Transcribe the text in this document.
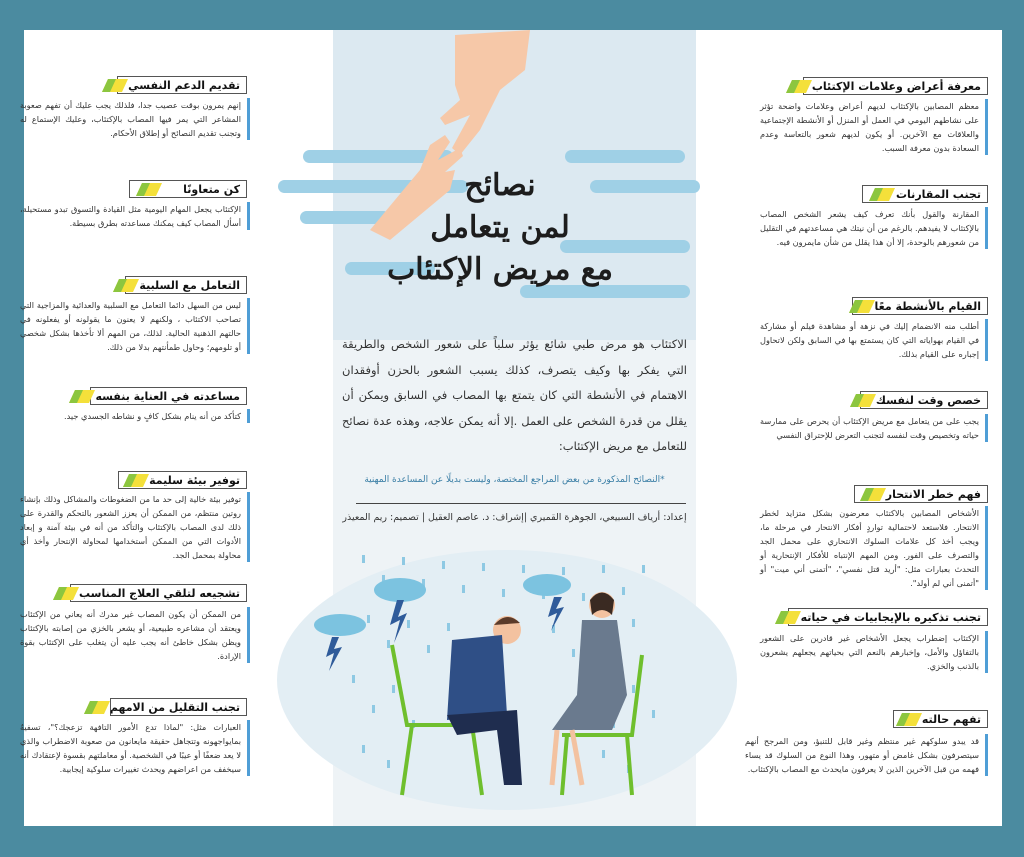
نصائح
لمن يتعامل
مع مريض الإكتئاب
الاكتئاب هو مرض طبي شائع يؤثر سلباً على شعور الشخص والطريقة التي يفكر بها وكيف يتصرف، كذلك يسبب الشعور بالحزن أوفقدان الاهتمام في الأنشطة التي كان يتمتع بها المصاب في السابق ويمكن أن يقلل من قدرة الشخص على العمل .إلا أنه يمكن علاجه، وهذه عدة نصائح للتعامل مع مريض الإكتئاب:
*النصائح المذكورة من بعض المراجع المختصة، وليست بديلًا عن المساعدة المهنية
إعداد: أرياف السبيعي، الجوهرة القميري |إشراف: د. عاصم العقيل | تصميم: ريم المعيذر
معرفة أعراض وعلامات الإكتئاب
معظم المصابين بالإكتئاب لديهم أعراض وعلامات واضحة تؤثر على نشاطهم اليومي في العمل أو المنزل أو الأنشطة الإجتماعية والعلاقات مع الآخرين. أو يكون لديهم شعور بالتعاسة وعدم السعادة بدون معرفة السبب.
تجنب المقارنات
المقارنة والقول بأنك تعرف كيف يشعر الشخص المصاب بالإكتئاب لا يفيدهم. بالرغم من أن نيتك هي مساعدتهم في التقليل من شعورهم بالوحدة، إلا أن هذا يقلل من شأن مايمرون فيه.
القيام بالأنشطة معًا
أطلب منه الانضمام إليك في نزهة أو مشاهدة فيلم أو مشاركة في القيام بهواياته التي كان يستمتع بها في السابق ولكن لاتحاول إجباره على القيام بذلك.
خصص وقت لنفسك
يجب على من يتعامل مع مريض الإكتئاب أن يحرص على ممارسة حياته وتخصيص وقت لنفسه لتجنب التعرض للإحتراق النفسي
فهم خطر الانتحار
الأشخاص المصابين بالاكتئاب معرضون بشكل متزايد لخطر الانتحار. فلاستعد لاحتمالية تواردٍ أفكار الانتحار في مرحلة ما، ويجب أخذ كل علامات السلوك الانتحاري على محمل الجد والتصرف على الفور. ومن المهم الإنتباه للأفكار الإنتحارية أو التحدث بعبارات مثل: "أريد قتل نفسي"، "أتمنى أني ميت" أو "أتمنى أني لم أولد".
تجنب تذكيره بالإيجابيات في حياته
الإكتئاب إضطراب يجعل الأشخاص غير قادرين على الشعور بالتفاؤل والأمل، وإخبارهم بالنعم التي بحياتهم يجعلهم يشعرون بالذنب والخزي.
تفهم حالته
قد يبدو سلوكهم غير منتظم وغير قابل للتنبؤ، ومن المرجح أنهم سيتصرفون بشكل غامض أو متهور، وهذا النوع من السلوك قد يساء فهمه من قبل الآخرين الذين لا يعرفون مايحدث مع المصاب بالإكتئاب.
تقديم الدعم النفسي
إنهم يمرون بوقت عصيب جدا، فلذلك يجب عليك أن تفهم صعوبة المشاعر التي يمر فيها المصاب بالإكتئاب، وعليك الإستماع له وتجنب تقديم النصائح أو إطلاق الأحكام.
كن متعاونًا
الإكتئاب يجعل المهام اليومية مثل القيادة والتسوق تبدو مستحيلة، أسأل المصاب كيف يمكنك مساعدته بطرق بسيطة.
التعامل مع السلبية
ليس من السهل دائما التعامل مع السلبية والعدائية والمزاجية التي تصاحب الاكتئاب ، ولكنهم لا يعنون ما يقولونه أو يفعلونه في حالتهم الذهنية الحالية. لذلك، من المهم ألا تأخذها بشكل شخصي أو تلومهم؛ وحاول طمأنتهم بدلا من ذلك.
مساعدته في العناية بنفسه
كتأكد من أنه ينام بشكل كافٍ و نشاطه الجسدي جيد.
توفير بيئة سليمة
توفير بيئة خالية إلى حد ما من الضغوطات والمشاكل وذلك بإنشاء روتين منتظم، من الممكن أن يعزز الشعور بالتحكم والقدرة على ذلك لدى المصاب بالإكتئاب والتأكد من أنه في بيئة آمنة و إبعاد الأدوات التي من الممكن أستخدامها لمحاولة الإنتحار وأخذ أي محاولة بمحمل الجد.
تشجيعه لتلقي العلاج المناسب
من الممكن أن يكون المصاب غير مدرك أنه يعاني من الإكتئاب ويعتقد أن مشاعره طبيعية، أو يشعر بالخزي من إصابته بالإكتئاب ويظن بشكل خاطئ أنه يجب عليه أن يتغلب على الإكتئاب بقوة الإرادة.
تجنب التقليل من الامهم
العبارات مثل: "لماذا تدع الأمور التافهة تزعجك؟"، تسفيهٌ بمايواجهونه وتتجاهل حقيقة مايعانون من صعوبة الاضطراب والذي لا يعد ضعفًا أو عيبًا في الشخصية. أو معاملتهم بقسوة لإعتقادك أنه سيخفف من اعراضهم ويحدث تغييرات سلوكية إيجابية.
